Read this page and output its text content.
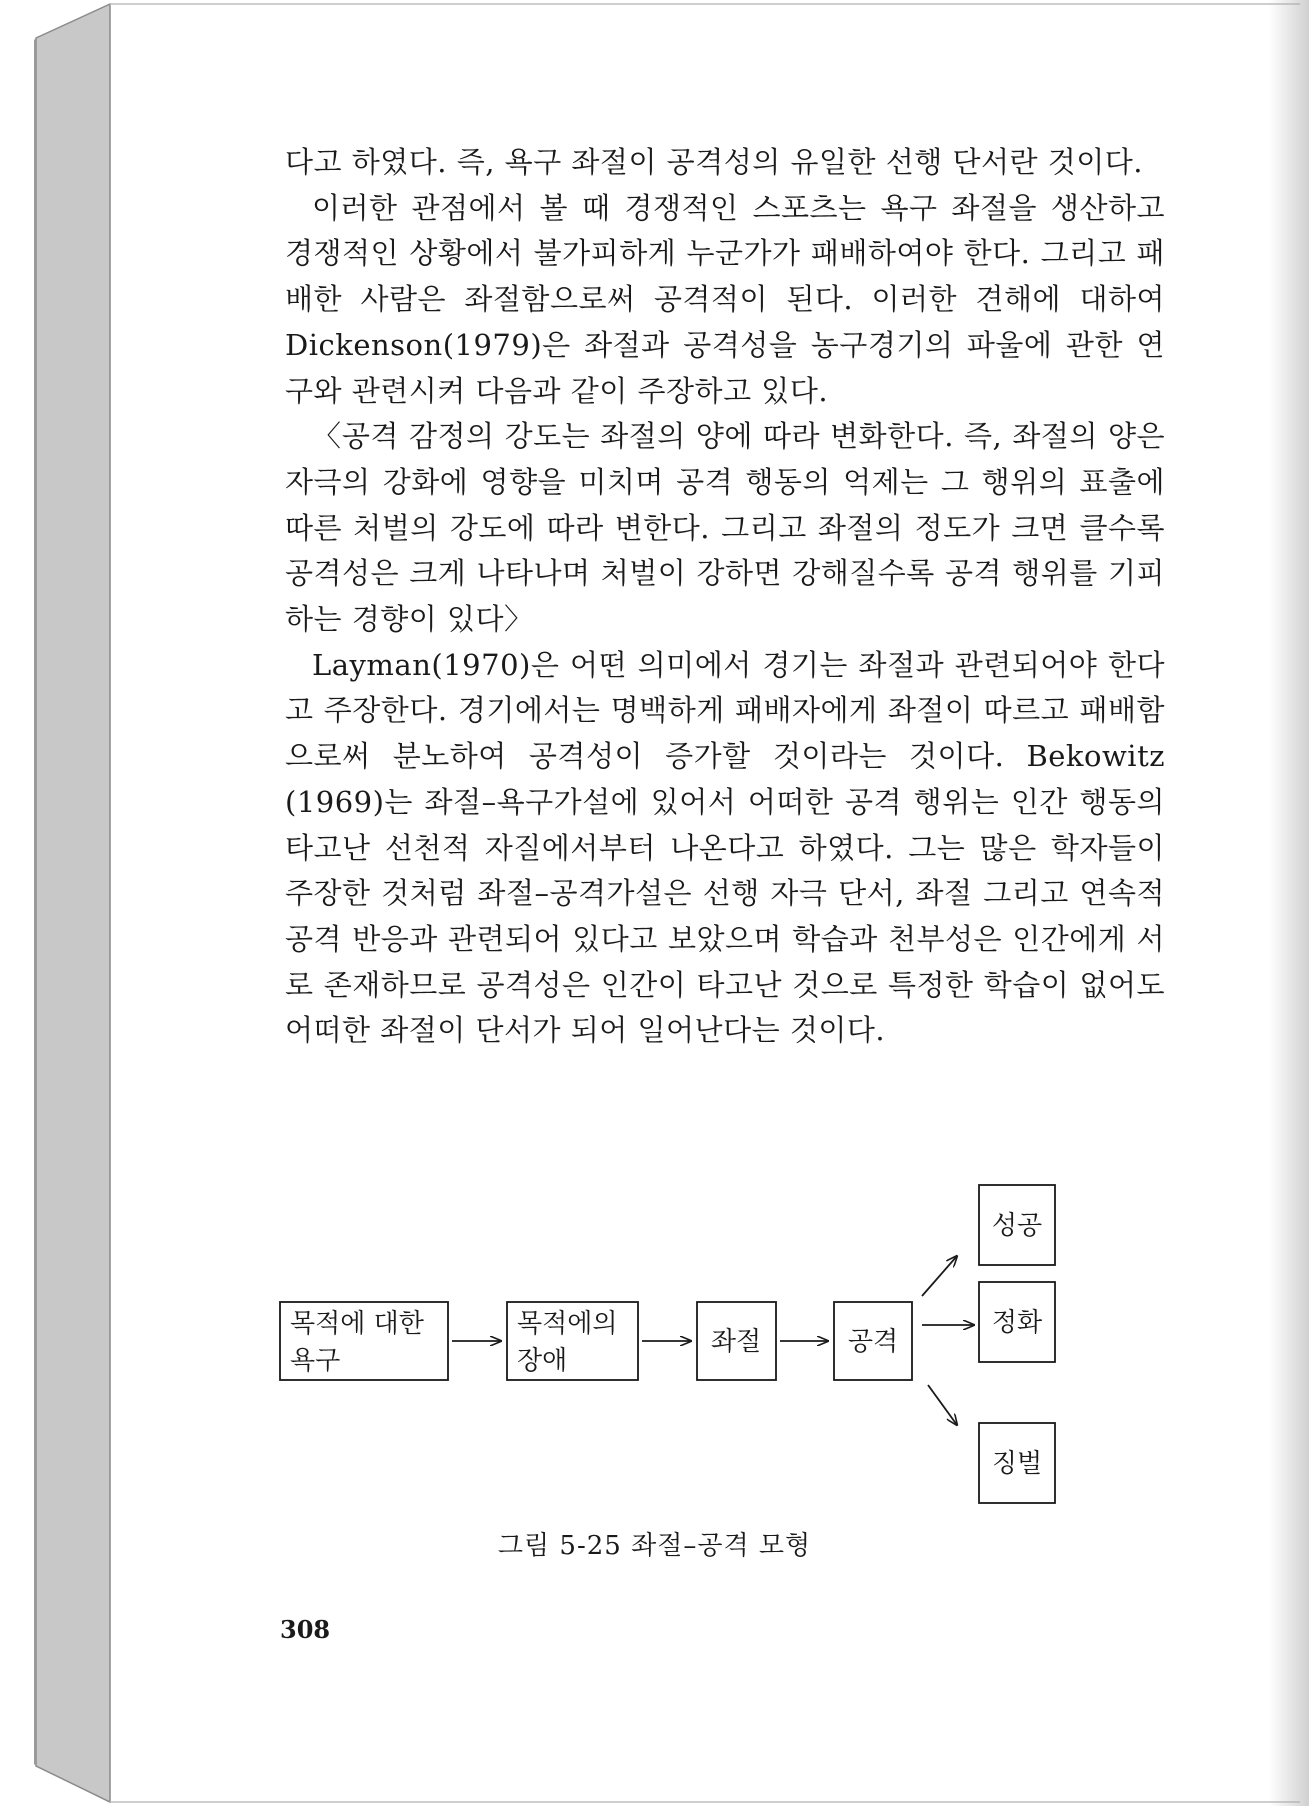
다고 하였다. 즉, 욕구 좌절이 공격성의 유일한 선행 단서란 것이다.

이러한 관점에서 볼 때 경쟁적인 스포츠는 욕구 좌절을 생산하고 경쟁적인 상황에서 불가피하게 누군가가 패배하여야 한다. 그리고 패배한 사람은 좌절함으로써 공격적이 된다. 이러한 견해에 대하여 Dickenson(1979)은 좌절과 공격성을 농구경기의 파울에 관한 연구와 관련시켜 다음과 같이 주장하고 있다.

〈공격 감정의 강도는 좌절의 양에 따라 변화한다. 즉, 좌절의 양은 자극의 강화에 영향을 미치며 공격 행동의 억제는 그 행위의 표출에 따른 처벌의 강도에 따라 변한다. 그리고 좌절의 정도가 크면 클수록 공격성은 크게 나타나며 처벌이 강하면 강해질수록 공격 행위를 기피하는 경향이 있다〉

Layman(1970)은 어떤 의미에서 경기는 좌절과 관련되어야 한다고 주장한다. 경기에서는 명백하게 패배자에게 좌절이 따르고 패배함으로써 분노하여 공격성이 증가할 것이라는 것이다. Bekowitz (1969)는 좌절–욕구가설에 있어서 어떠한 공격 행위는 인간 행동의 타고난 선천적 자질에서부터 나온다고 하였다. 그는 많은 학자들이 주장한 것처럼 좌절–공격가설은 선행 자극 단서, 좌절 그리고 연속적 공격 반응과 관련되어 있다고 보았으며 학습과 천부성은 인간에게 서로 존재하므로 공격성은 인간이 타고난 것으로 특정한 학습이 없어도 어떠한 좌절이 단서가 되어 일어난다는 것이다.

목적에 대한
욕구
목적에의
장애
좌절	공격
성공
정화
징벌
그림 5-25 좌절–공격 모형
308
